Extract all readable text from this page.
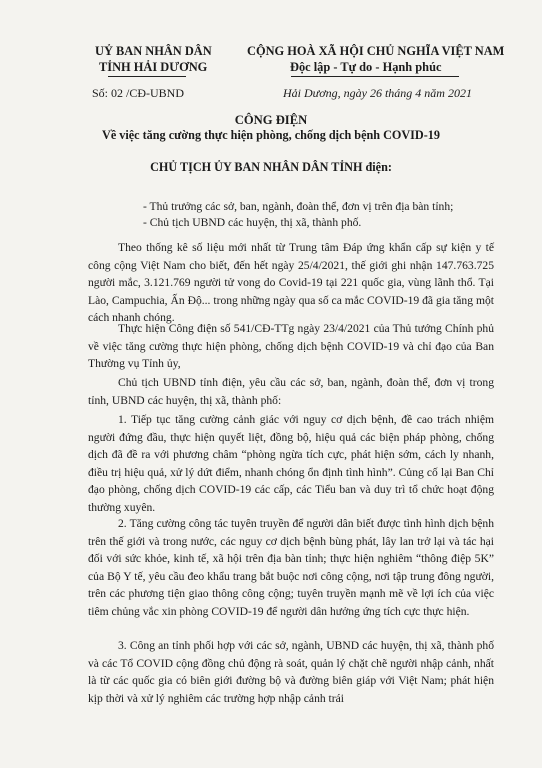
UỶ BAN NHÂN DÂN
TỈNH HẢI DƯƠNG
CỘNG HOÀ XÃ HỘI CHỦ NGHĨA VIỆT NAM
Độc lập - Tự do - Hạnh phúc
Số: 02 /CĐ-UBND	Hải Dương, ngày 26 tháng 4 năm 2021
CÔNG ĐIỆN
Về việc tăng cường thực hiện phòng, chống dịch bệnh COVID-19
CHỦ TỊCH ỦY BAN NHÂN DÂN TỈNH điện:
- Thủ trưởng các sở, ban, ngành, đoàn thể, đơn vị trên địa bàn tỉnh;
- Chủ tịch UBND các huyện, thị xã, thành phố.

Theo thống kê số liệu mới nhất từ Trung tâm Đáp ứng khẩn cấp sự kiện y tế công cộng Việt Nam cho biết, đến hết ngày 25/4/2021, thế giới ghi nhận 147.763.725 người mắc, 3.121.769 người tử vong do Covid-19 tại 221 quốc gia, vùng lãnh thổ. Tại Lào, Campuchia, Ấn Độ... trong những ngày qua số ca mắc COVID-19 đã gia tăng một cách nhanh chóng.

Thực hiện Công điện số 541/CĐ-TTg ngày 23/4/2021 của Thủ tướng Chính phủ về việc tăng cường thực hiện phòng, chống dịch bệnh COVID-19 và chỉ đạo của Ban Thường vụ Tỉnh ủy,

Chủ tịch UBND tỉnh điện, yêu cầu các sở, ban, ngành, đoàn thể, đơn vị trong tỉnh, UBND các huyện, thị xã, thành phố:

1. Tiếp tục tăng cường cảnh giác với nguy cơ dịch bệnh, đề cao trách nhiệm người đứng đầu, thực hiện quyết liệt, đồng bộ, hiệu quả các biện pháp phòng, chống dịch đã đề ra với phương châm “phòng ngừa tích cực, phát hiện sớm, cách ly nhanh, điều trị hiệu quả, xử lý dứt điểm, nhanh chóng ổn định tình hình”. Củng cố lại Ban Chỉ đạo phòng, chống dịch COVID-19 các cấp, các Tiểu ban và duy trì tổ chức hoạt động thường xuyên.

2. Tăng cường công tác tuyên truyền để người dân biết được tình hình dịch bệnh trên thế giới và trong nước, các nguy cơ dịch bệnh bùng phát, lây lan trở lại và tác hại đối với sức khỏe, kinh tế, xã hội trên địa bàn tỉnh; thực hiện nghiêm “thông điệp 5K” của Bộ Y tế, yêu cầu đeo khẩu trang bắt buộc nơi công cộng, nơi tập trung đông người, trên các phương tiện giao thông công cộng; tuyên truyền mạnh mẽ về lợi ích của việc tiêm chủng vắc xin phòng COVID-19 để người dân hưởng ứng tích cực thực hiện.

3. Công an tỉnh phối hợp với các sở, ngành, UBND các huyện, thị xã, thành phố và các Tổ COVID cộng đồng chủ động rà soát, quản lý chặt chẽ người nhập cảnh, nhất là từ các quốc gia có biên giới đường bộ và đường biên giáp với Việt Nam; phát hiện kịp thời và xử lý nghiêm các trường hợp nhập cảnh trái
